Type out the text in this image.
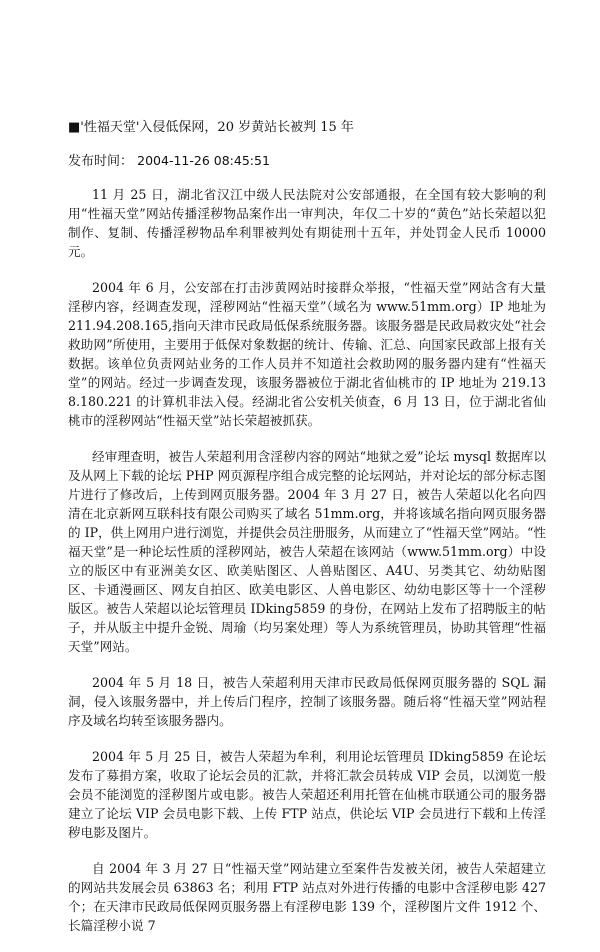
■'性福天堂'入侵低保网，20 岁黄站长被判 15 年
发布时间： 2004-11-26 08:45:51

11 月 25 日，湖北省汉江中级人民法院对公安部通报，在全国有较大影响的利用“性福天堂”网站传播淫秽物品案作出一审判决，年仅二十岁的“黄色”站长荣超以犯制作、复制、传播淫秽物品牟利罪被判处有期徒刑十五年，并处罚金人民币 10000 元。

2004 年 6 月，公安部在打击涉黄网站时接群众举报，“性福天堂”网站含有大量淫秽内容，经调查发现，淫秽网站“性福天堂”（域名为 www.51mm.org）IP 地址为 211.94.208.165,指向天津市民政局低保系统服务器。该服务器是民政局救灾处“社会救助网”所使用，主要用于低保对象数据的统计、传输、汇总、向国家民政部上报有关数据。该单位负责网站业务的工作人员并不知道社会救助网的服务器内建有“性福天堂”的网站。经过一步调查发现，该服务器被位于湖北省仙桃市的 IP 地址为 219.138.180.221 的计算机非法入侵。经湖北省公安机关侦查，6 月 13 日，位于湖北省仙桃市的淫秽网站“性福天堂”站长荣超被抓获。

经审理查明，被告人荣超利用含淫秽内容的网站“地狱之爱”论坛 mysql 数据库以及从网上下载的论坛 PHP 网页源程序组合成完整的论坛网站，并对论坛的部分标志图片进行了修改后，上传到网页服务器。2004 年 3 月 27 日，被告人荣超以化名向四清在北京新网互联科技有限公司购买了域名 51mm.org，并将该域名指向网页服务器的 IP，供上网用户进行浏览，并提供会员注册服务，从而建立了“性福天堂”网站。“性福天堂”是一种论坛性质的淫秽网站，被告人荣超在该网站（www.51mm.org）中设立的版区中有亚洲美女区、欧美贴图区、人兽贴图区、A4U、另类其它、幼幼贴图区、卡通漫画区、网友自拍区、欧美电影区、人兽电影区、幼幼电影区等十一个淫秽版区。被告人荣超以论坛管理员 IDking5859 的身份，在网站上发布了招聘版主的帖子，并从版主中提升金锐、周瑜（均另案处理）等人为系统管理员，协助其管理“性福天堂”网站。

2004 年 5 月 18 日，被告人荣超利用天津市民政局低保网页服务器的 SQL 漏洞，侵入该服务器中，并上传后门程序，控制了该服务器。随后将“性福天堂”网站程序及域名均转至该服务器内。

2004 年 5 月 25 日，被告人荣超为牟利，利用论坛管理员 IDking5859 在论坛发布了募捐方案，收取了论坛会员的汇款，并将汇款会员转成 VIP 会员，以浏览一般会员不能浏览的淫秽图片或电影。被告人荣超还利用托管在仙桃市联通公司的服务器建立了论坛 VIP 会员电影下载、上传 FTP 站点，供论坛 VIP 会员进行下载和上传淫秽电影及图片。

自 2004 年 3 月 27 日“性福天堂”网站建立至案件告发被关闭，被告人荣超建立的网站共发展会员 63863 名；利用 FTP 站点对外进行传播的电影中含淫秽电影 427 个；在天津市民政局低保网页服务器上有淫秽电影 139 个，淫秽图片文件 1912 个、长篇淫秽小说 7
